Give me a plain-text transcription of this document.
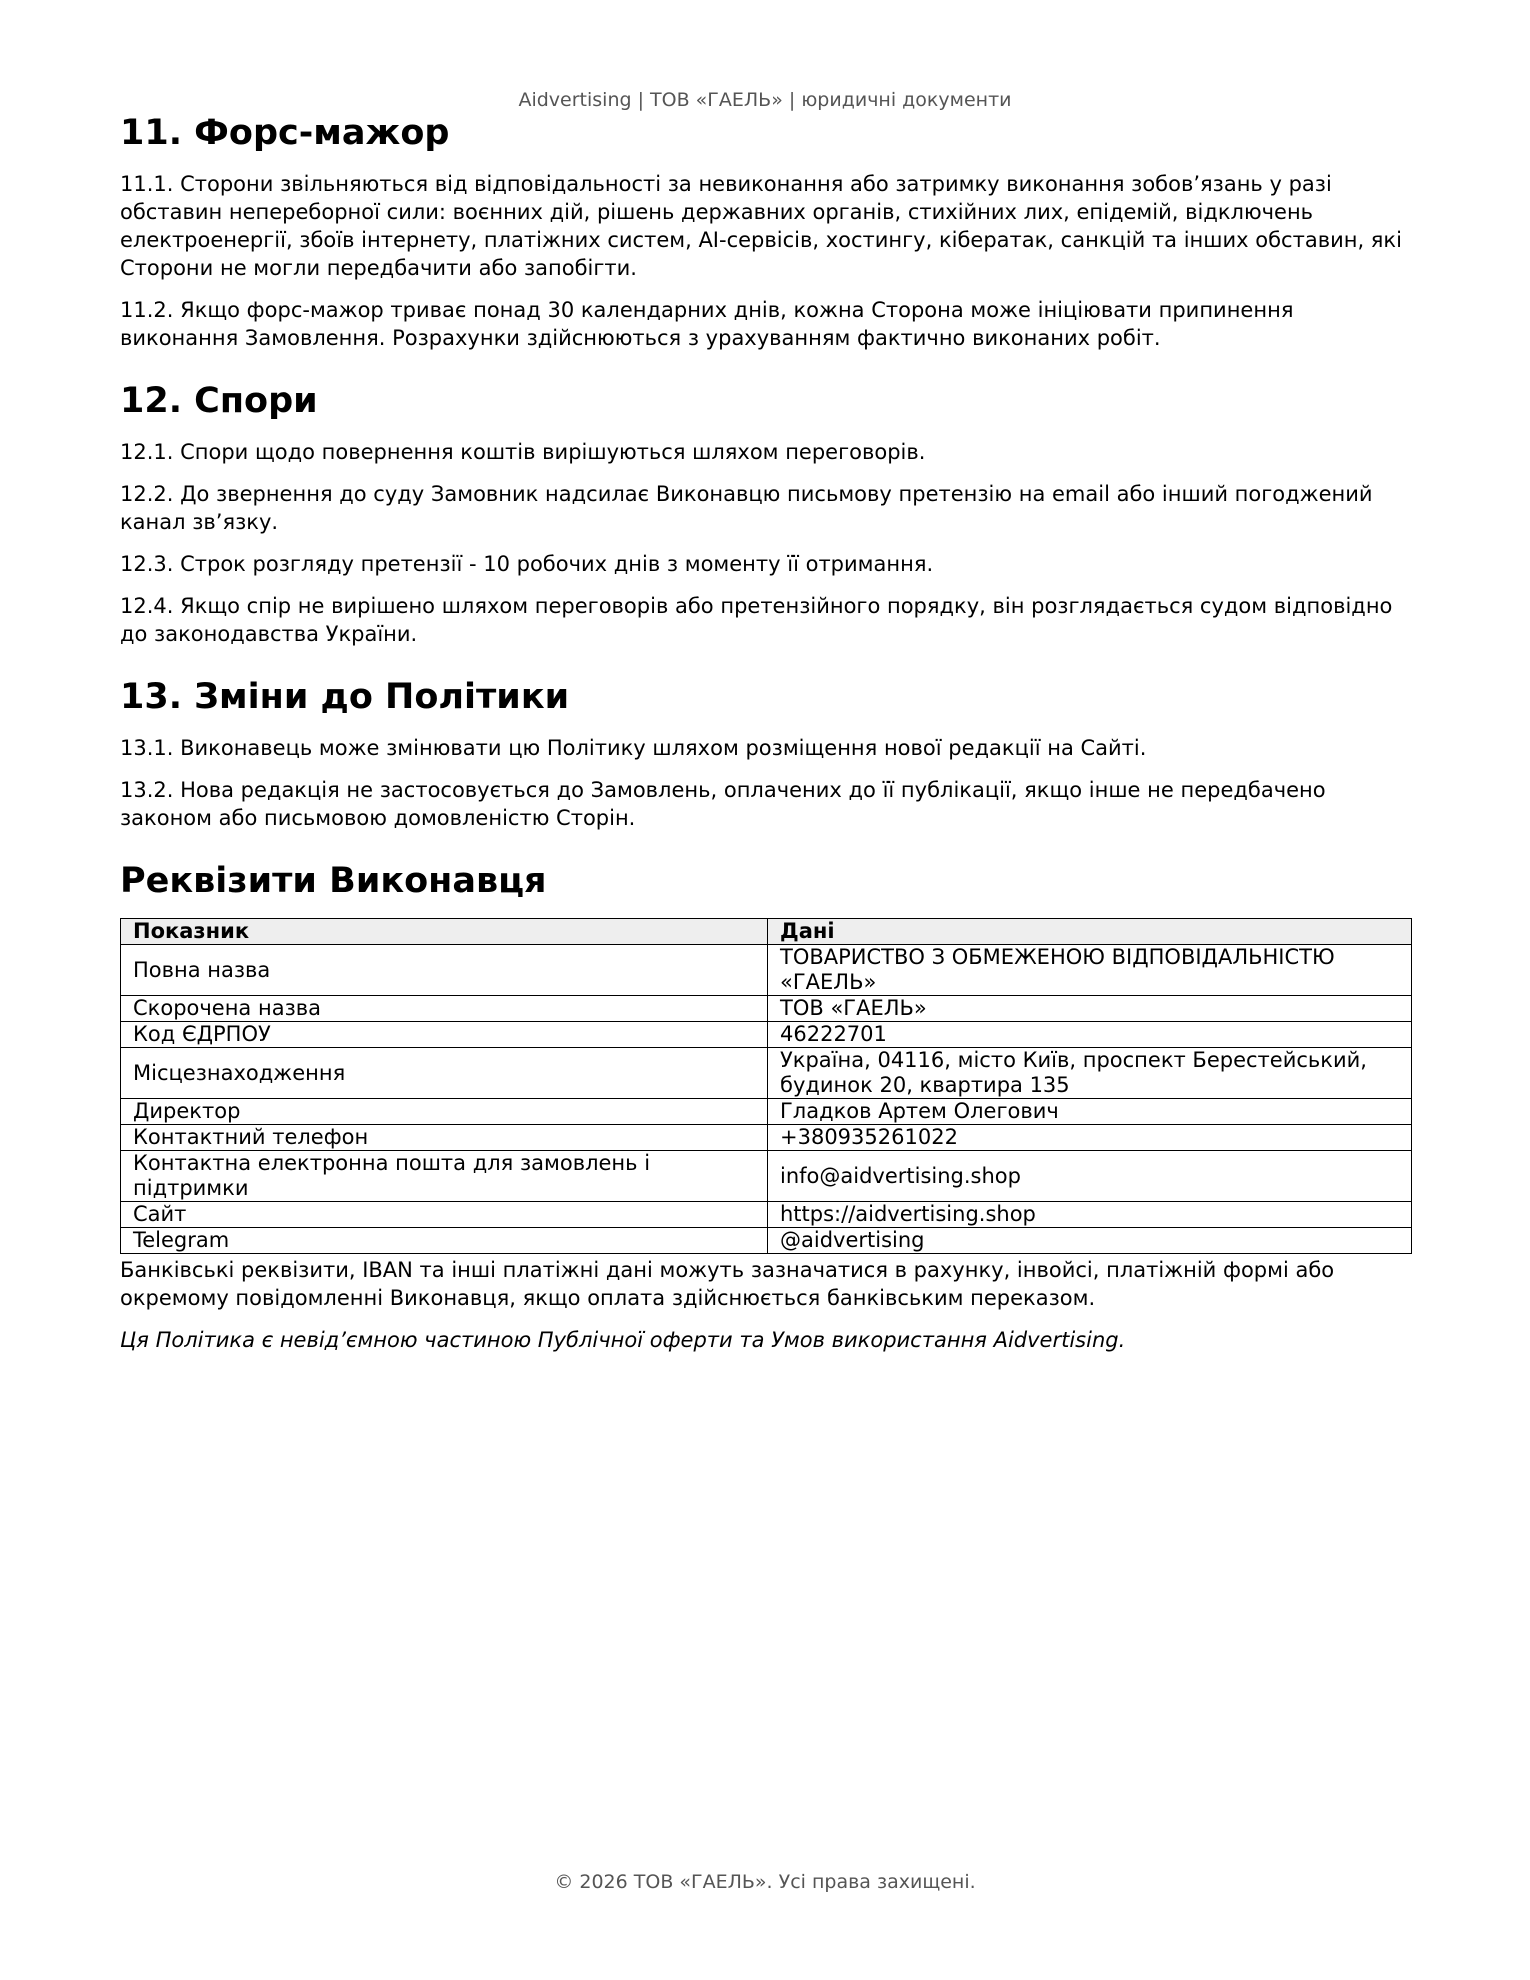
Aidvertising | ТОВ «ГАЕЛЬ» | юридичні документи
11. Форс-мажор

11.1. Сторони звільняються від відповідальності за невиконання або затримку виконання зобов’язань у разі обставин непереборної сили: воєнних дій, рішень державних органів, стихійних лих, епідемій, відключень електроенергії, збоїв інтернету, платіжних систем, AI-сервісів, хостингу, кібератак, санкцій та інших обставин, які Сторони не могли передбачити або запобігти.

11.2. Якщо форс-мажор триває понад 30 календарних днів, кожна Сторона може ініціювати припинення виконання Замовлення. Розрахунки здійснюються з урахуванням фактично виконаних робіт.

12. Спори

12.1. Спори щодо повернення коштів вирішуються шляхом переговорів.

12.2. До звернення до суду Замовник надсилає Виконавцю письмову претензію на email або інший погоджений канал зв’язку.

12.3. Строк розгляду претензії - 10 робочих днів з моменту її отримання.

12.4. Якщо спір не вирішено шляхом переговорів або претензійного порядку, він розглядається судом відповідно до законодавства України.

13. Зміни до Політики

13.1. Виконавець може змінювати цю Політику шляхом розміщення нової редакції на Сайті.

13.2. Нова редакція не застосовується до Замовлень, оплачених до її публікації, якщо інше не передбачено законом або письмовою домовленістю Сторін.

Реквізити Виконавця
Показник	Дані
Повна назва	ТОВАРИСТВО З ОБМЕЖЕНОЮ ВІДПОВІДАЛЬНІСТЮ «ГАЕЛЬ»
Скорочена назва	ТОВ «ГАЕЛЬ»
Код ЄДРПОУ	46222701
Місцезнаходження	Україна, 04116, місто Київ, проспект Берестейський, будинок 20, квартира 135
Директор	Гладков Артем Олегович
Контактний телефон	+380935261022
Контактна електронна пошта для замовлень і підтримки	info@aidvertising.shop
Сайт	https://aidvertising.shop
Telegram	@aidvertising

Банківські реквізити, IBAN та інші платіжні дані можуть зазначатися в рахунку, інвойсі, платіжній формі або окремому повідомленні Виконавця, якщо оплата здійснюється банківським переказом.

Ця Політика є невід’ємною частиною Публічної оферти та Умов використання Aidvertising.

© 2026 ТОВ «ГАЕЛЬ». Усі права захищені.
